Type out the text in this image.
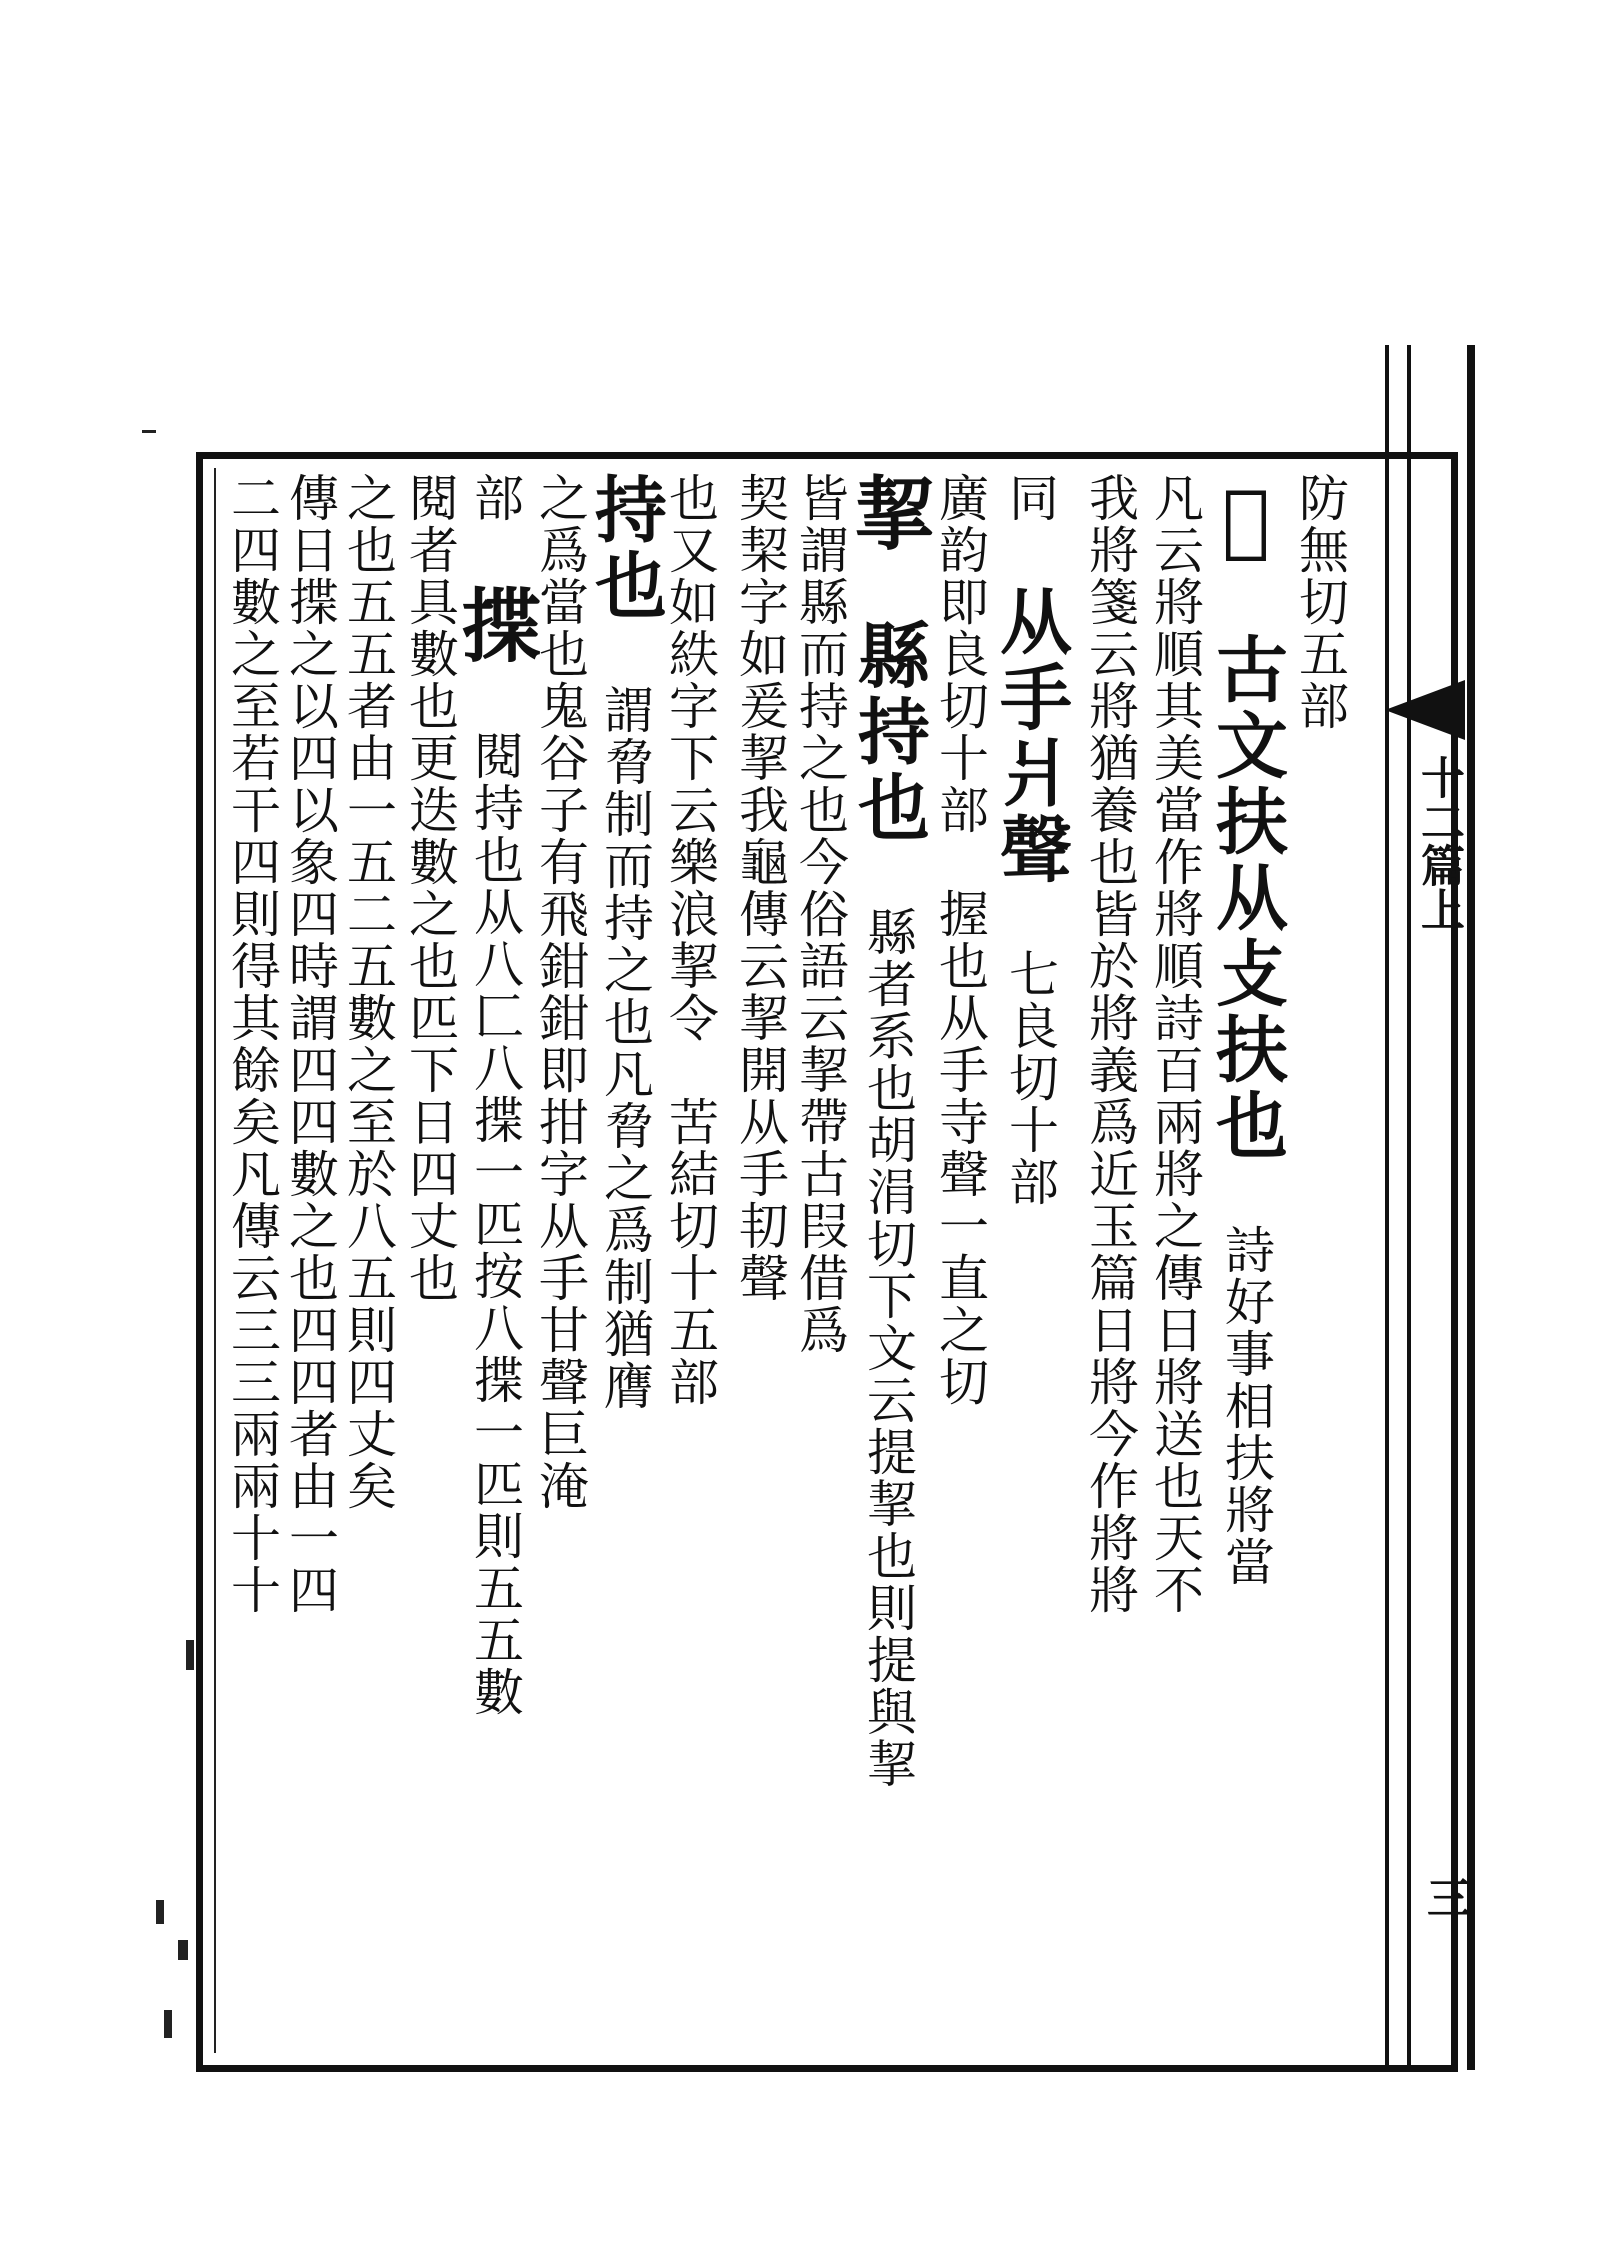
十二篇上
三
防無切五部
𢪛 古文扶从攴扶也 詩好事相扶將當
凡云將順其美當作將順詩百兩將之傳日將送也天不
我將箋云將猶養也皆於將義爲近玉篇日將今作將將
同 从手爿聲 七良切十部
廣韵即良切十部　握也从手寺聲一直之切
挈 縣持也 縣者系也胡涓切下文云提挈也則提與挈
皆謂縣而持之也今俗語云挈帶古叚借爲
契栔字如爰挈我龜傳云挈開从手㓞聲
也又如紩字下云樂浪挈令　苦結切十五部
持也 謂脅制而持之也凡脅之爲制猶膺
之爲當也鬼谷子有飛鉗鉗即拑字从手甘聲巨淹
部 揲 閱持也从八匚八揲一匹按八揲一匹則五五數
閱者具數也更迭數之也匹下日四丈也
之也五五者由一五二五數之至於八五則四丈矣
傳日揲之以四以象四時謂四四數之也四四者由一四
二四數之至若干四則得其餘矣凡傳云三三兩兩十十
